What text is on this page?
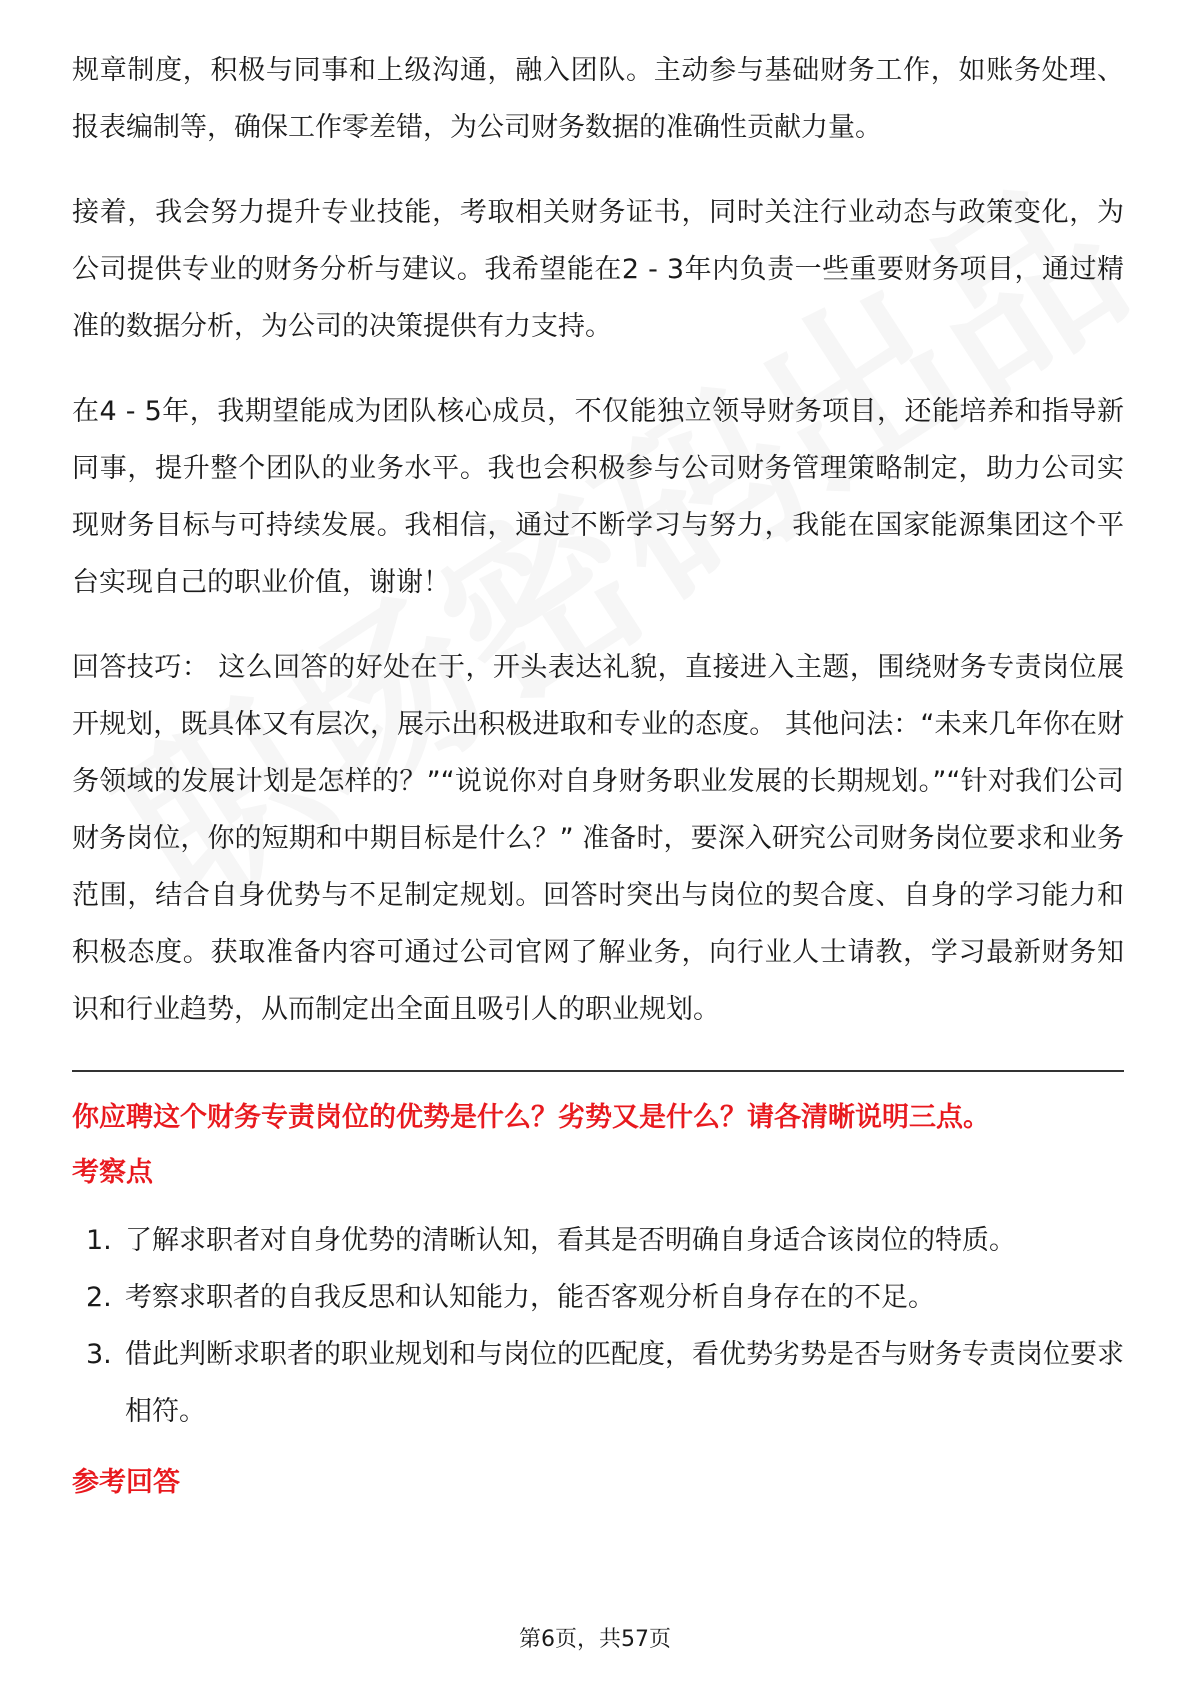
规章制度，积极与同事和上级沟通，融入团队。主动参与基础财务工作，如账务处理、报表编制等，确保工作零差错，为公司财务数据的准确性贡献力量。

接着，我会努力提升专业技能，考取相关财务证书，同时关注行业动态与政策变化，为公司提供专业的财务分析与建议。我希望能在2 - 3年内负责一些重要财务项目，通过精准的数据分析，为公司的决策提供有力支持。

在4 - 5年，我期望能成为团队核心成员，不仅能独立领导财务项目，还能培养和指导新同事，提升整个团队的业务水平。我也会积极参与公司财务管理策略制定，助力公司实现财务目标与可持续发展。我相信，通过不断学习与努力，我能在国家能源集团这个平台实现自己的职业价值，谢谢！

回答技巧： 这么回答的好处在于，开头表达礼貌，直接进入主题，围绕财务专责岗位展开规划，既具体又有层次，展示出积极进取和专业的态度。 其他问法：“未来几年你在财务领域的发展计划是怎样的？”“说说你对自身财务职业发展的长期规划。”“针对我们公司财务岗位，你的短期和中期目标是什么？” 准备时，要深入研究公司财务岗位要求和业务范围，结合自身优势与不足制定规划。回答时突出与岗位的契合度、自身的学习能力和积极态度。获取准备内容可通过公司官网了解业务，向行业人士请教，学习最新财务知识和行业趋势，从而制定出全面且吸引人的职业规划。

你应聘这个财务专责岗位的优势是什么？劣势又是什么？请各清晰说明三点。

考察点

1. 了解求职者对自身优势的清晰认知，看其是否明确自身适合该岗位的特质。
2. 考察求职者的自我反思和认知能力，能否客观分析自身存在的不足。
3. 借此判断求职者的职业规划和与岗位的匹配度，看优势劣势是否与财务专责岗位要求相符。

参考回答

第6页，共57页
